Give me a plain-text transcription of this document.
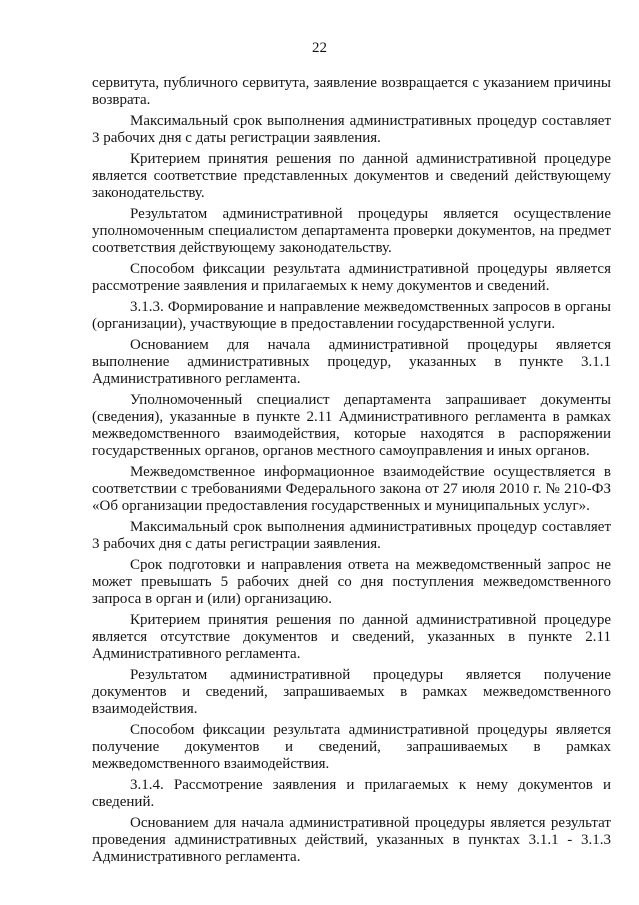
22

сервитута, публичного сервитута, заявление возвращается с указанием причины возврата.

Максимальный срок выполнения административных процедур составляет 3 рабочих дня с даты регистрации заявления.

Критерием принятия решения по данной административной процедуре является соответствие представленных документов и сведений действующему законодательству.

Результатом административной процедуры является осуществление уполномоченным специалистом департамента проверки документов, на предмет соответствия действующему законодательству.

Способом фиксации результата административной процедуры является рассмотрение заявления и прилагаемых к нему документов и сведений.

3.1.3. Формирование и направление межведомственных запросов в органы (организации), участвующие в предоставлении государственной услуги.

Основанием для начала административной процедуры является выполнение административных процедур, указанных в пункте 3.1.1 Административного регламента.

Уполномоченный специалист департамента запрашивает документы (сведения), указанные в пункте 2.11 Административного регламента в рамках межведомственного взаимодействия, которые находятся в распоряжении государственных органов, органов местного самоуправления и иных органов.

Межведомственное информационное взаимодействие осуществляется в соответствии с требованиями Федерального закона от 27 июля 2010 г. № 210-ФЗ «Об организации предоставления государственных и муниципальных услуг».

Максимальный срок выполнения административных процедур составляет 3 рабочих дня с даты регистрации заявления.

Срок подготовки и направления ответа на межведомственный запрос не может превышать 5 рабочих дней со дня поступления межведомственного запроса в орган и (или) организацию.

Критерием принятия решения по данной административной процедуре является отсутствие документов и сведений, указанных в пункте 2.11 Административного регламента.

Результатом административной процедуры является получение документов и сведений, запрашиваемых в рамках межведомственного взаимодействия.

Способом фиксации результата административной процедуры является получение документов и сведений, запрашиваемых в рамках межведомственного взаимодействия.

3.1.4. Рассмотрение заявления и прилагаемых к нему документов и сведений.

Основанием для начала административной процедуры является результат проведения административных действий, указанных в пунктах 3.1.1 - 3.1.3 Административного регламента.
